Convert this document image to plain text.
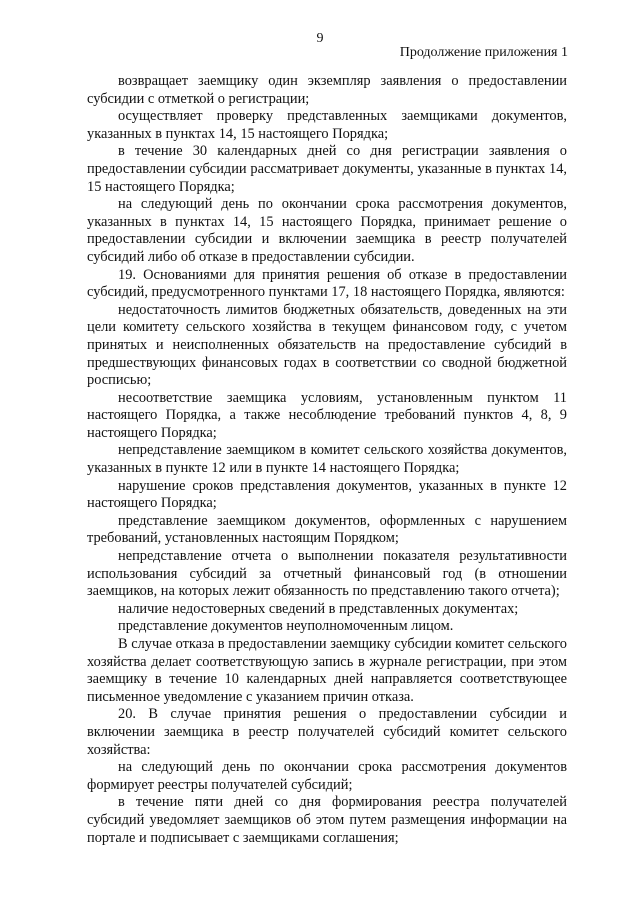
9
Продолжение приложения 1

возвращает заемщику один экземпляр заявления о предоставлении субсидии с отметкой о регистрации;

осуществляет проверку представленных заемщиками документов, указанных в пунктах 14, 15 настоящего Порядка;

в течение 30 календарных дней со дня регистрации заявления о предоставлении субсидии рассматривает документы, указанные в пунктах 14, 15 настоящего Порядка;

на следующий день по окончании срока рассмотрения документов, указанных в пунктах 14, 15 настоящего Порядка, принимает решение о предоставлении субсидии и включении заемщика в реестр получателей субсидий либо об отказе в предоставлении субсидии.

19. Основаниями для принятия решения об отказе в предоставлении субсидий, предусмотренного пунктами 17, 18 настоящего Порядка, являются:

недостаточность лимитов бюджетных обязательств, доведенных на эти цели комитету сельского хозяйства в текущем финансовом году, с учетом принятых и неисполненных обязательств на предоставление субсидий в предшествующих финансовых годах в соответствии со сводной бюджетной росписью;

несоответствие заемщика условиям, установленным пунктом 11 настоящего Порядка, а также несоблюдение требований пунктов 4, 8, 9 настоящего Порядка;

непредставление заемщиком в комитет сельского хозяйства документов, указанных в пункте 12 или в пункте 14 настоящего Порядка;

нарушение сроков представления документов, указанных в пункте 12 настоящего Порядка;

представление заемщиком документов, оформленных с нарушением требований, установленных настоящим Порядком;

непредставление отчета о выполнении показателя результативности использования субсидий за отчетный финансовый год (в отношении заемщиков, на которых лежит обязанность по представлению такого отчета);

наличие недостоверных сведений в представленных документах;

представление документов неуполномоченным лицом.

В случае отказа в предоставлении заемщику субсидии комитет сельского хозяйства делает соответствующую запись в журнале регистрации, при этом заемщику в течение 10 календарных дней направляется соответствующее письменное уведомление с указанием причин отказа.

20. В случае принятия решения о предоставлении субсидии и включении заемщика в реестр получателей субсидий комитет сельского хозяйства:

на следующий день по окончании срока рассмотрения документов формирует реестры получателей субсидий;

в течение пяти дней со дня формирования реестра получателей субсидий уведомляет заемщиков об этом путем размещения информации на портале и подписывает с заемщиками соглашения;
